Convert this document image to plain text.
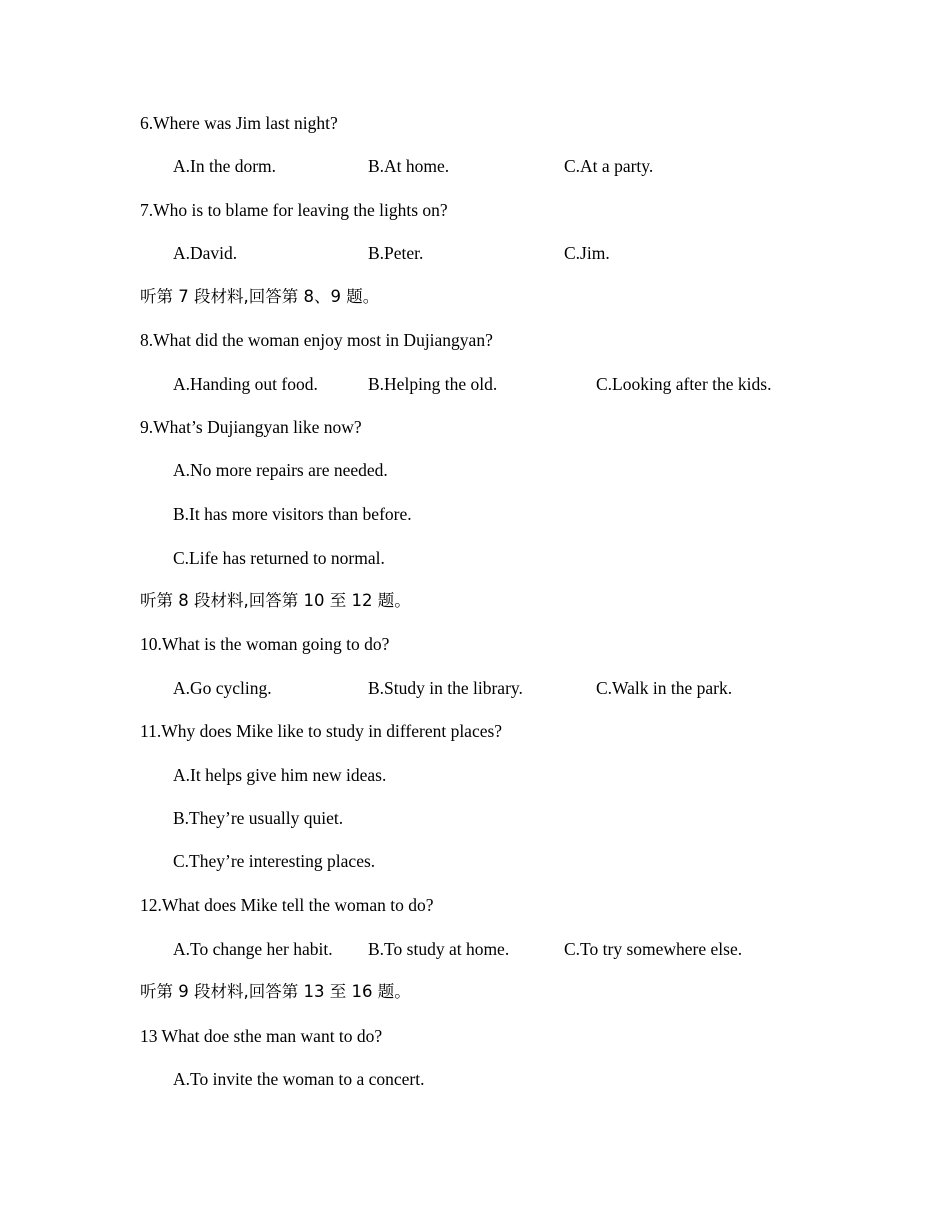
6.Where was Jim last night?
A.In the dorm.	B.At home.	C.At a party.
7.Who is to blame for leaving the lights on?
A.David.	B.Peter.	C.Jim.
听第 7 段材料,回答第 8、9 题。
8.What did the woman enjoy most in Dujiangyan?
A.Handing out food.	B.Helping the old.	C.Looking after the kids.
9.What’s Dujiangyan like now?
A.No more repairs are needed.
B.It has more visitors than before.
C.Life has returned to normal.
听第 8 段材料,回答第 10 至 12 题。
10.What is the woman going to do?
A.Go cycling.	B.Study in the library.	C.Walk in the park.
11.Why does Mike like to study in different places?
A.It helps give him new ideas.
B.They’re usually quiet.
C.They’re interesting places.
12.What does Mike tell the woman to do?
A.To change her habit. B.To study at home.	C.To try somewhere else.
听第 9 段材料,回答第 13 至 16 题。
13 What doe sthe man want to do?
A.To invite the woman to a concert.
